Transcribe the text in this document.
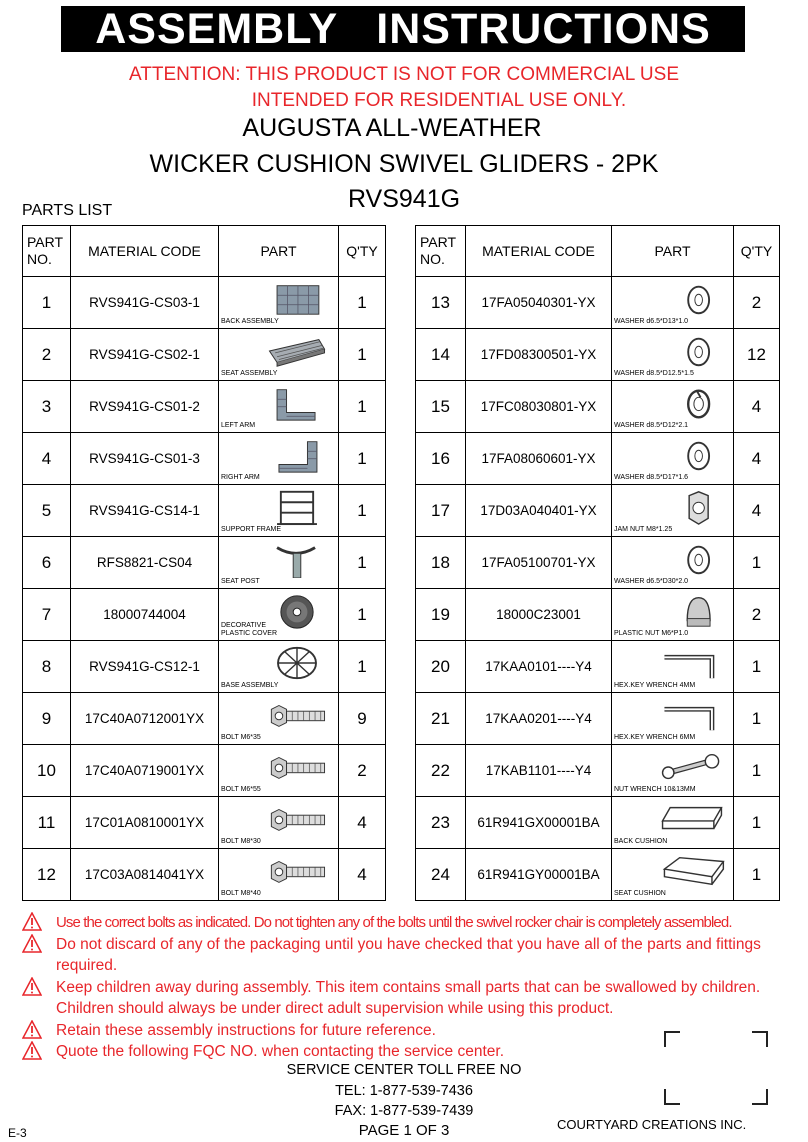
ASSEMBLY   INSTRUCTIONS
ATTENTION: THIS PRODUCT IS NOT FOR COMMERCIAL USE
INTENDED FOR RESIDENTIAL USE ONLY.
AUGUSTA ALL-WEATHER
WICKER CUSHION SWIVEL GLIDERS - 2PK
RVS941G
PARTS LIST
PART
NO.	MATERIAL CODE	PART	Q'TY
1	RVS941G-CS03-1	BACK ASSEMBLY	1
2	RVS941G-CS02-1	SEAT ASSEMBLY	1
3	RVS941G-CS01-2	LEFT ARM	1
4	RVS941G-CS01-3	RIGHT ARM	1
5	RVS941G-CS14-1	SUPPORT FRAME	1
6	RFS8821-CS04	SEAT POST	1
7	18000744004	DECORATIVE
PLASTIC COVER	1
8	RVS941G-CS12-1	BASE ASSEMBLY	1
9	17C40A0712001YX	BOLT M6*35	9
10	17C40A0719001YX	BOLT M6*55	2
11	17C01A0810001YX	BOLT M8*30	4
12	17C03A0814041YX	BOLT M8*40	4
PART
NO.	MATERIAL CODE	PART	Q'TY
13	17FA05040301-YX	WASHER d6.5*D13*1.0	2
14	17FD08300501-YX	WASHER d8.5*D12.5*1.5	12
15	17FC08030801-YX	WASHER d8.5*D12*2.1	4
16	17FA08060601-YX	WASHER d8.5*D17*1.6	4
17	17D03A040401-YX	JAM NUT M8*1.25	4
18	17FA05100701-YX	WASHER d6.5*D30*2.0	1
19	18000C23001	PLASTIC NUT M6*P1.0	2
20	17KAA0101----Y4	HEX.KEY WRENCH 4MM	1
21	17KAA0201----Y4	HEX.KEY WRENCH 6MM	1
22	17KAB1101----Y4	NUT WRENCH 10&13MM	1
23	61R941GX00001BA	BACK CUSHION	1
24	61R941GY00001BA	SEAT CUSHION	1
Use the correct bolts as indicated. Do not tighten any of the bolts until the swivel rocker chair is completely assembled.
Do not discard of any of the packaging until you have checked that you have all of the parts and fittings required.
Keep children away during assembly. This item contains small parts that can be swallowed by children. Children should always be under direct adult supervision while using this product.
Retain these assembly instructions for future reference.
Quote the following FQC NO. when contacting the service center.
SERVICE CENTER TOLL FREE NO
TEL: 1-877-539-7436
FAX: 1-877-539-7439
PAGE 1 OF 3
E-3
COURTYARD CREATIONS INC.
